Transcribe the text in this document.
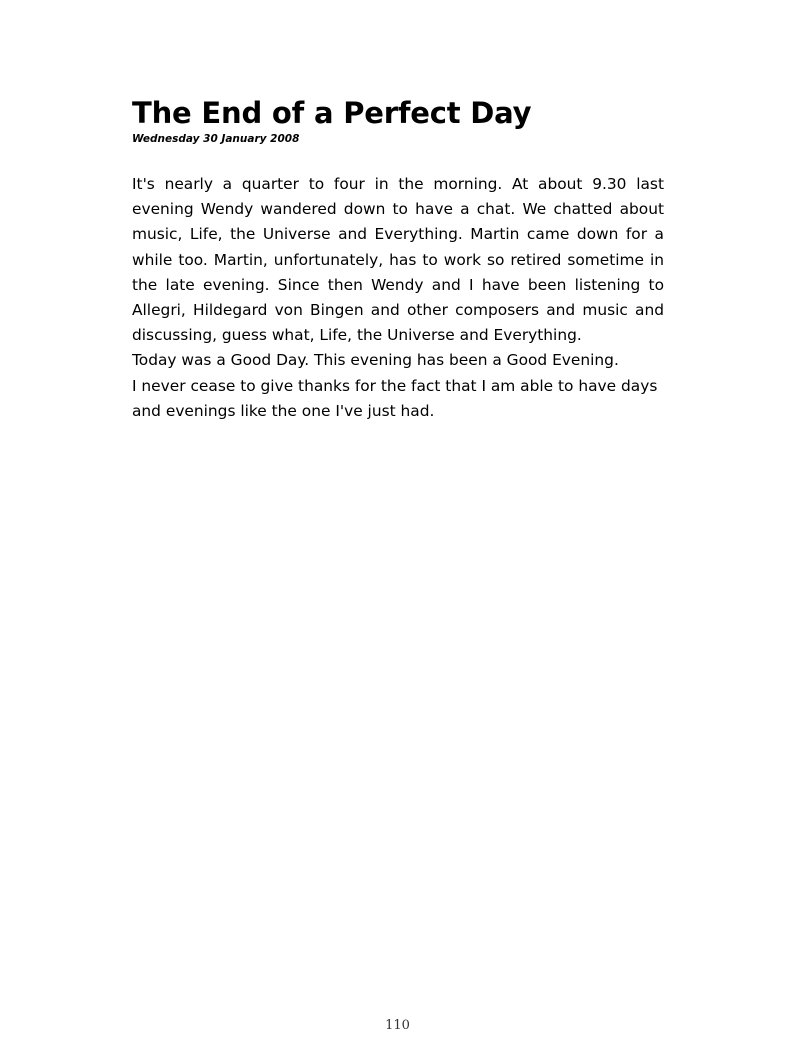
The End of a Perfect Day
Wednesday 30 January 2008

It's nearly a quarter to four in the morning. At about 9.30 last evening Wendy wandered down to have a chat. We chatted about music, Life, the Universe and Everything. Martin came down for a while too. Martin, unfortunately, has to work so retired sometime in the late evening. Since then Wendy and I have been listening to Allegri, Hildegard von Bingen and other composers and music and discussing, guess what, Life, the Universe and Everything.

Today was a Good Day. This evening has been a Good Evening.

I never cease to give thanks for the fact that I am able to have days and evenings like the one I've just had.

110
